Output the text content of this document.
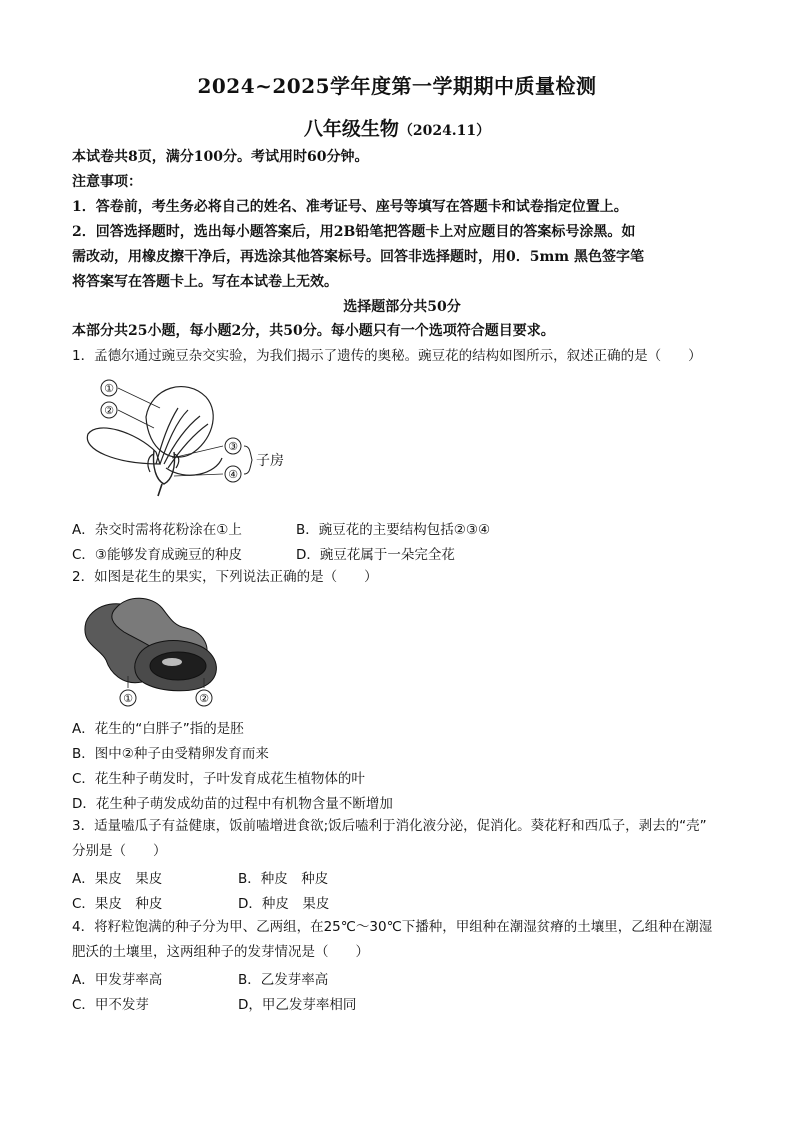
2024~2025学年度第一学期期中质量检测
八年级生物（2024.11）
本试卷共8页，满分100分。考试用时60分钟。
注意事项：
1．答卷前，考生务必将自己的姓名、准考证号、座号等填写在答题卡和试卷指定位置上。
2．回答选择题时，选出每小题答案后，用2B铅笔把答题卡上对应题目的答案标号涂黑。如
需改动，用橡皮擦干净后，再选涂其他答案标号。回答非选择题时，用0．5mm 黑色签字笔
将答案写在答题卡上。写在本试卷上无效。
选择题部分共50分
本部分共25小题，每小题2分，共50分。每小题只有一个选项符合题目要求。
1．孟德尔通过豌豆杂交实验，为我们揭示了遗传的奥秘。豌豆花的结构如图所示，叙述正确的是（　　）
①
②
③
④
子房
A．杂交时需将花粉涂在①上	B．豌豆花的主要结构包括②③④
C．③能够发育成豌豆的种皮	D．豌豆花属于一朵完全花
2．如图是花生的果实，下列说法正确的是（　　）
①	②
A．花生的“白胖子”指的是胚
B．图中②种子由受精卵发育而来
C．花生种子萌发时，子叶发育成花生植物体的叶
D．花生种子萌发成幼苗的过程中有机物含量不断增加
3．适量嗑瓜子有益健康，饭前嗑增进食欲;饭后嗑利于消化液分泌，促消化。葵花籽和西瓜子，剥去的“壳”
分别是（　　）
A．果皮　果皮	B．种皮　种皮
C．果皮　种皮	D．种皮　果皮
4．将籽粒饱满的种子分为甲、乙两组，在25℃～30℃下播种，甲组种在潮湿贫瘠的土壤里，乙组种在潮湿
肥沃的土壤里，这两组种子的发芽情况是（　　）
A．甲发芽率高	B．乙发芽率高
C．甲不发芽	D，甲乙发芽率相同
